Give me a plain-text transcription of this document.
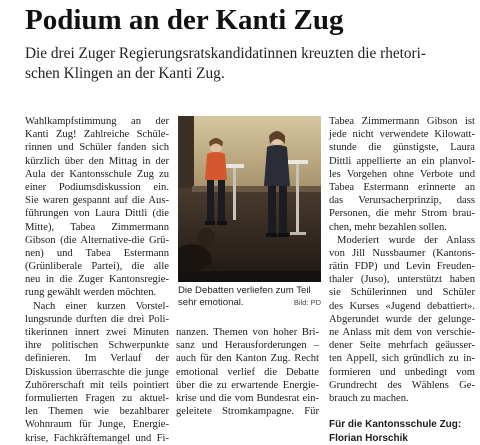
Podium an der Kanti Zug
Die drei Zuger Regierungsratskandidatinnen kreuzten die rhetori-
schen Klingen an der Kanti Zug.
Wahlkampfstimmung an der
Kanti Zug! Zahlreiche Schüle-
rinnen und Schüler fanden sich
kürzlich über den Mittag in der
Aula der Kantonsschule Zug zu
einer Podiumsdiskussion ein.
Sie waren gespannt auf die Aus-
führungen von Laura Dittli (die
Mitte), Tabea Zimmermann
Gibson (die Alternative-die Grü-
nen) und Tabea Estermann
(Grünliberale Partei), die alle
neu in die Zuger Kantonsregie-
rung gewählt werden möchten.
Nach einer kurzen Vorstel-
lungsrunde durften die drei Poli-
tikerinnen innert zwei Minuten
ihre politischen Schwerpunkte
definieren. Im Verlauf der
Diskussion überraschte die junge
Zuhörerschaft mit teils pointiert
formulierten Fragen zu aktuel-
len Themen wie bezahlbarer
Wohnraum für Junge, Energie-
krise, Fachkräftemangel und Fi-
Die Debatten verliefen zum Teil
sehr emotional.	Bild: PD
nanzen. Themen von hoher Bri-
sanz und Herausforderungen –
auch für den Kanton Zug. Recht
emotional verlief die Debatte
über die zu erwartende Energie-
krise und die vom Bundesrat ein-
geleitete Stromkampagne. Für
Tabea Zimmermann Gibson ist
jede nicht verwendete Kilowatt-
stunde die günstigste, Laura
Dittli appellierte an ein planvol-
les Vorgehen ohne Verbote und
Tabea Estermann erinnerte an
das Verursacherprinzip, dass
Personen, die mehr Strom brau-
chen, mehr bezahlen sollen.
Moderiert wurde der Anlass
von Jill Nussbaumer (Kantons-
rätin FDP) und Levin Freuden-
thaler (Juso), unterstützt haben
sie Schülerinnen und Schüler
des Kurses «Jugend debattiert».
Abgerundet wurde der gelunge-
ne Anlass mit dem von verschie-
dener Seite mehrfach geäusser-
ten Appell, sich gründlich zu in-
formieren und unbedingt vom
Grundrecht des Wählens Ge-
brauch zu machen.
Für die Kantonsschule Zug:
Florian Horschik
